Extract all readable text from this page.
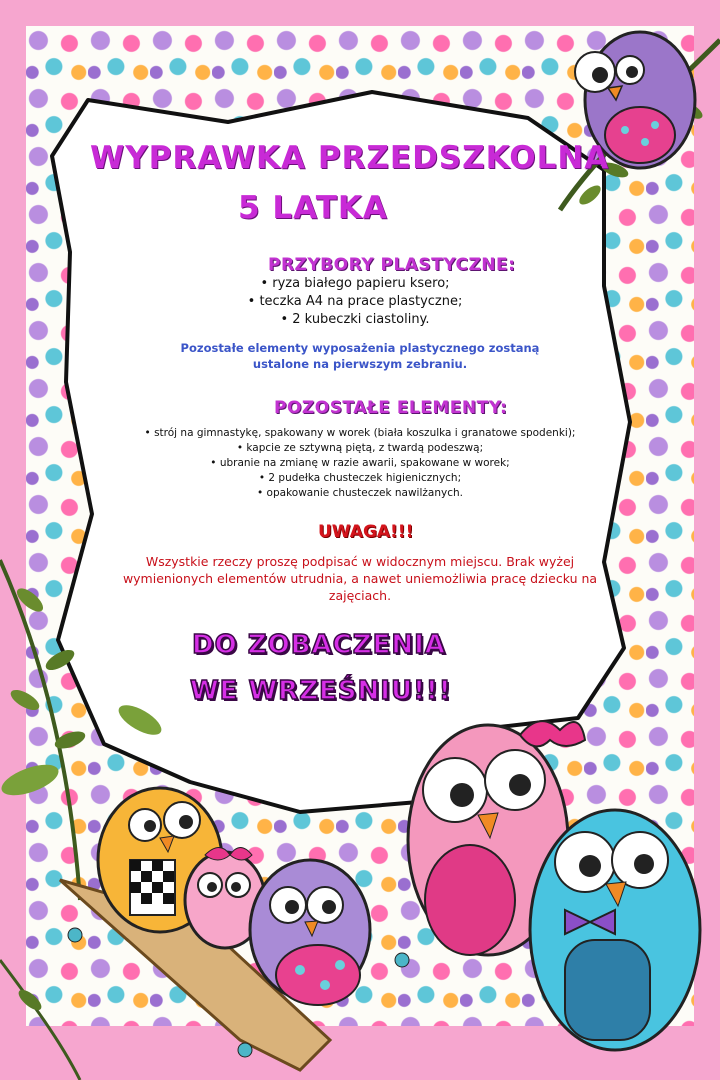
WYPRAWKA PRZEDSZKOLNA
5 LATKA
PRZYBORY PLASTYCZNE:
• ryza białego papieru ksero;
• teczka A4 na prace plastyczne;
• 2 kubeczki ciastoliny.

Pozostałe elementy wyposażenia plastycznego zostaną ustalone na pierwszym zebraniu.

POZOSTAŁE ELEMENTY:
• strój na gimnastykę, spakowany w worek (biała koszulka i granatowe spodenki);
• kapcie ze sztywną piętą, z twardą podeszwą;
• ubranie na zmianę w razie awarii, spakowane w worek;
• 2 pudełka chusteczek higienicznych;
• opakowanie chusteczek nawilżanych.
UWAGA!!!

Wszystkie rzeczy proszę podpisać w widocznym miejscu. Brak wyżej wymienionych elementów utrudnia, a nawet uniemożliwia pracę dziecku na zajęciach.

DO ZOBACZENIA
WE WRZEŚNIU!!!
